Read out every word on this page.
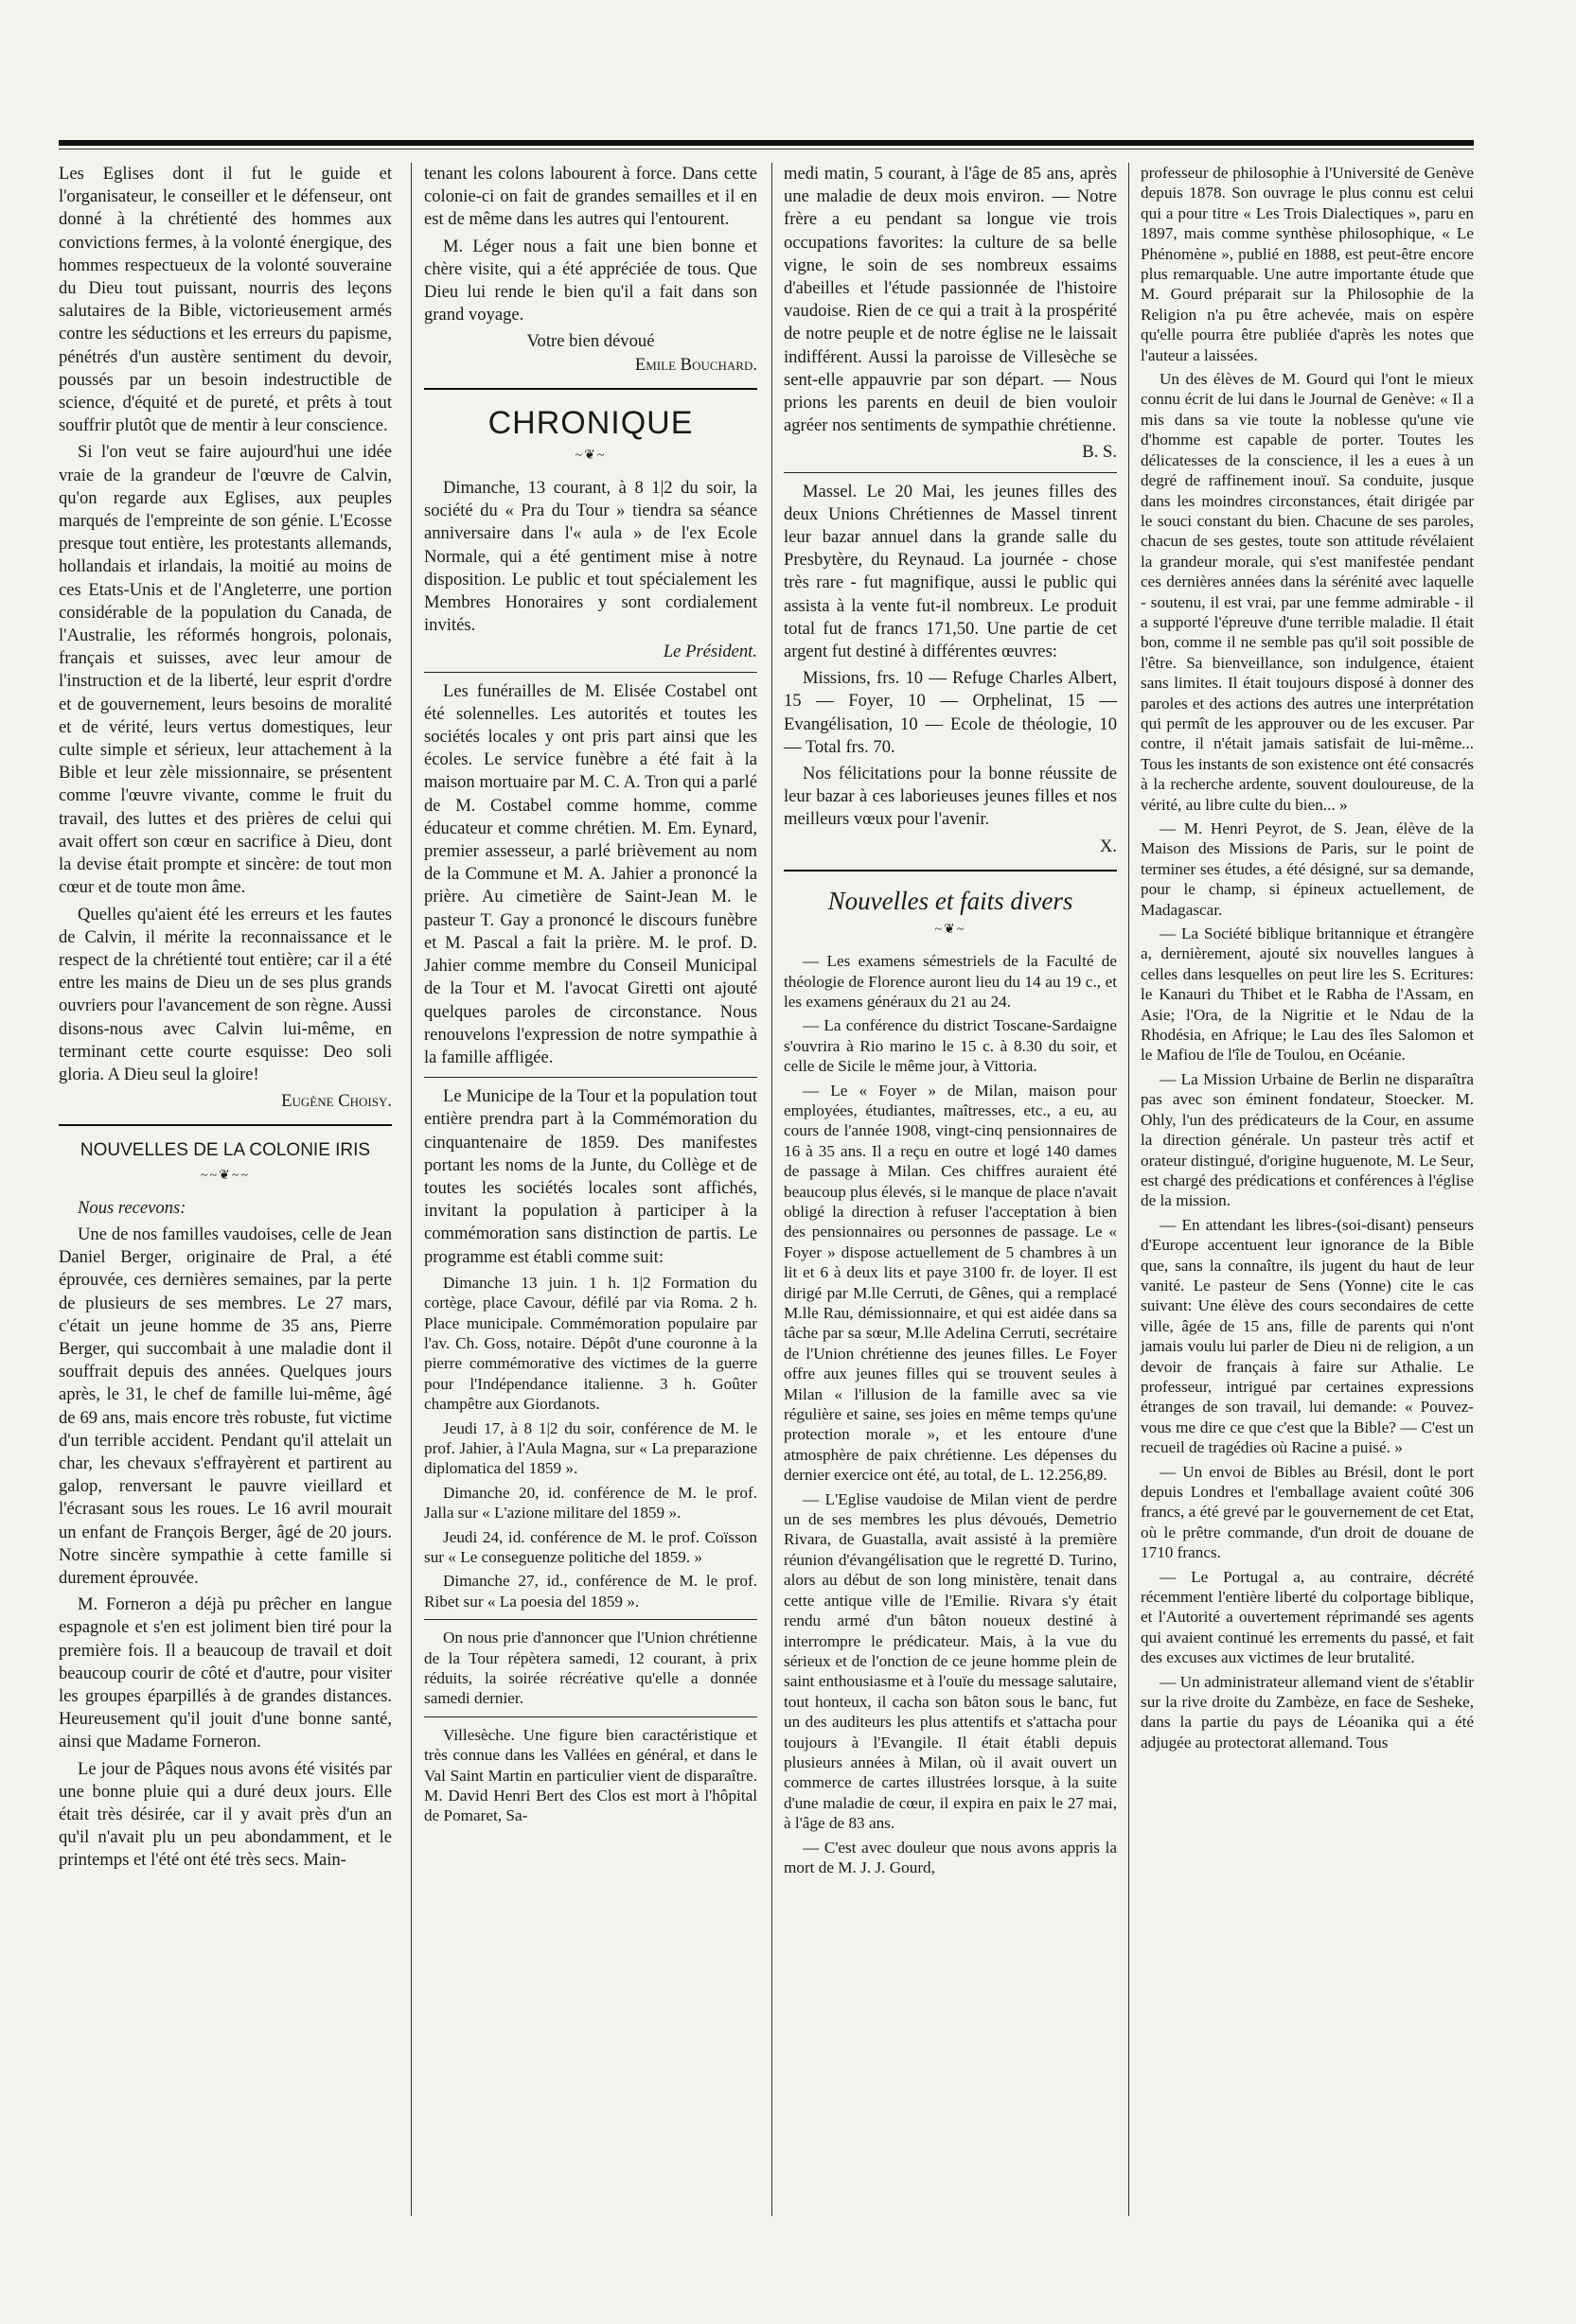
Les Eglises dont il fut le guide et l'organisateur, le conseiller et le défenseur, ont donné à la chrétienté des hommes aux convictions fermes, à la volonté énergique, des hommes respectueux de la volonté souveraine du Dieu tout puissant, nourris des leçons salutaires de la Bible, victorieusement armés contre les séductions et les erreurs du papisme, pénétrés d'un austère sentiment du devoir, poussés par un besoin indestructible de science, d'équité et de pureté, et prêts à tout souffrir plutôt que de mentir à leur conscience.

Si l'on veut se faire aujourd'hui une idée vraie de la grandeur de l'œuvre de Calvin, qu'on regarde aux Eglises, aux peuples marqués de l'empreinte de son génie. L'Ecosse presque tout entière, les protestants allemands, hollandais et irlandais, la moitié au moins de ces Etats-Unis et de l'Angleterre, une portion considérable de la population du Canada, de l'Australie, les réformés hongrois, polonais, français et suisses, avec leur amour de l'instruction et de la liberté, leur esprit d'ordre et de gouvernement, leurs besoins de moralité et de vérité, leurs vertus domestiques, leur culte simple et sérieux, leur attachement à la Bible et leur zèle missionnaire, se présentent comme l'œuvre vivante, comme le fruit du travail, des luttes et des prières de celui qui avait offert son cœur en sacrifice à Dieu, dont la devise était prompte et sincère: de tout mon cœur et de toute mon âme.

Quelles qu'aient été les erreurs et les fautes de Calvin, il mérite la reconnaissance et le respect de la chrétienté tout entière; car il a été entre les mains de Dieu un de ses plus grands ouvriers pour l'avancement de son règne. Aussi disons-nous avec Calvin lui-même, en terminant cette courte esquisse: Deo soli gloria. A Dieu seul la gloire!

Eugène Choisy.
NOUVELLES DE LA COLONIE IRIS
~~❦~~

Nous recevons:

Une de nos familles vaudoises, celle de Jean Daniel Berger, originaire de Pral, a été éprouvée, ces dernières semaines, par la perte de plusieurs de ses membres. Le 27 mars, c'était un jeune homme de 35 ans, Pierre Berger, qui succombait à une maladie dont il souffrait depuis des années. Quelques jours après, le 31, le chef de famille lui-même, âgé de 69 ans, mais encore très robuste, fut victime d'un terrible accident. Pendant qu'il attelait un char, les chevaux s'effrayèrent et partirent au galop, renversant le pauvre vieillard et l'écrasant sous les roues. Le 16 avril mourait un enfant de François Berger, âgé de 20 jours. Notre sincère sympathie à cette famille si durement éprouvée.

M. Forneron a déjà pu prêcher en langue espagnole et s'en est joliment bien tiré pour la première fois. Il a beaucoup de travail et doit beaucoup courir de côté et d'autre, pour visiter les groupes éparpillés à de grandes distances. Heureusement qu'il jouit d'une bonne santé, ainsi que Madame Forneron.

Le jour de Pâques nous avons été visités par une bonne pluie qui a duré deux jours. Elle était très désirée, car il y avait près d'un an qu'il n'avait plu un peu abondamment, et le printemps et l'été ont été très secs. Main-

tenant les colons labourent à force. Dans cette colonie-ci on fait de grandes semailles et il en est de même dans les autres qui l'entourent.

M. Léger nous a fait une bien bonne et chère visite, qui a été appréciée de tous. Que Dieu lui rende le bien qu'il a fait dans son grand voyage.

Votre bien dévoué
Emile Bouchard.
CHRONIQUE
~❦~

Dimanche, 13 courant, à 8 1|2 du soir, la société du « Pra du Tour » tiendra sa séance anniversaire dans l'« aula » de l'ex Ecole Normale, qui a été gentiment mise à notre disposition. Le public et tout spécialement les Membres Honoraires y sont cordialement invités.

Le Président.

Les funérailles de M. Elisée Costabel ont été solennelles. Les autorités et toutes les sociétés locales y ont pris part ainsi que les écoles. Le service funèbre a été fait à la maison mortuaire par M. C. A. Tron qui a parlé de M. Costabel comme homme, comme éducateur et comme chrétien. M. Em. Eynard, premier assesseur, a parlé brièvement au nom de la Commune et M. A. Jahier a prononcé la prière. Au cimetière de Saint-Jean M. le pasteur T. Gay a prononcé le discours funèbre et M. Pascal a fait la prière. M. le prof. D. Jahier comme membre du Conseil Municipal de la Tour et M. l'avocat Giretti ont ajouté quelques paroles de circonstance. Nous renouvelons l'expression de notre sympathie à la famille affligée.

Le Municipe de la Tour et la population tout entière prendra part à la Commémoration du cinquantenaire de 1859. Des manifestes portant les noms de la Junte, du Collège et de toutes les sociétés locales sont affichés, invitant la population à participer à la commémoration sans distinction de partis. Le programme est établi comme suit:

Dimanche 13 juin. 1 h. 1|2 Formation du cortège, place Cavour, défilé par via Roma. 2 h. Place municipale. Commémoration populaire par l'av. Ch. Goss, notaire. Dépôt d'une couronne à la pierre commémorative des victimes de la guerre pour l'Indépendance italienne. 3 h. Goûter champêtre aux Giordanots.

Jeudi 17, à 8 1|2 du soir, conférence de M. le prof. Jahier, à l'Aula Magna, sur « La preparazione diplomatica del 1859 ».

Dimanche 20, id. conférence de M. le prof. Jalla sur « L'azione militare del 1859 ».

Jeudi 24, id. conférence de M. le prof. Coïsson sur « Le conseguenze politiche del 1859. »

Dimanche 27, id., conférence de M. le prof. Ribet sur « La poesia del 1859 ».

On nous prie d'annoncer que l'Union chrétienne de la Tour répètera samedi, 12 courant, à prix réduits, la soirée récréative qu'elle a donnée samedi dernier.

Villesèche. Une figure bien caractéristique et très connue dans les Vallées en général, et dans le Val Saint Martin en particulier vient de disparaître. M. David Henri Bert des Clos est mort à l'hôpital de Pomaret, Sa-

medi matin, 5 courant, à l'âge de 85 ans, après une maladie de deux mois environ. — Notre frère a eu pendant sa longue vie trois occupations favorites: la culture de sa belle vigne, le soin de ses nombreux essaims d'abeilles et l'étude passionnée de l'histoire vaudoise. Rien de ce qui a trait à la prospérité de notre peuple et de notre église ne le laissait indifférent. Aussi la paroisse de Villesèche se sent-elle appauvrie par son départ. — Nous prions les parents en deuil de bien vouloir agréer nos sentiments de sympathie chrétienne.

B. S.

Massel. Le 20 Mai, les jeunes filles des deux Unions Chrétiennes de Massel tinrent leur bazar annuel dans la grande salle du Presbytère, du Reynaud. La journée - chose très rare - fut magnifique, aussi le public qui assista à la vente fut-il nombreux. Le produit total fut de francs 171,50. Une partie de cet argent fut destiné à différentes œuvres:

Missions, frs. 10 — Refuge Charles Albert, 15 — Foyer, 10 — Orphelinat, 15 — Evangélisation, 10 — Ecole de théologie, 10 — Total frs. 70.

Nos félicitations pour la bonne réussite de leur bazar à ces laborieuses jeunes filles et nos meilleurs vœux pour l'avenir.

X.
Nouvelles et faits divers
~❦~

— Les examens sémestriels de la Faculté de théologie de Florence auront lieu du 14 au 19 c., et les examens généraux du 21 au 24.

— La conférence du district Toscane-Sardaigne s'ouvrira à Rio marino le 15 c. à 8.30 du soir, et celle de Sicile le même jour, à Vittoria.

— Le « Foyer » de Milan, maison pour employées, étudiantes, maîtresses, etc., a eu, au cours de l'année 1908, vingt-cinq pensionnaires de 16 à 35 ans. Il a reçu en outre et logé 140 dames de passage à Milan. Ces chiffres auraient été beaucoup plus élevés, si le manque de place n'avait obligé la direction à refuser l'acceptation à bien des pensionnaires ou personnes de passage. Le « Foyer » dispose actuellement de 5 chambres à un lit et 6 à deux lits et paye 3100 fr. de loyer. Il est dirigé par M.lle Cerruti, de Gênes, qui a remplacé M.lle Rau, démissionnaire, et qui est aidée dans sa tâche par sa sœur, M.lle Adelina Cerruti, secrétaire de l'Union chrétienne des jeunes filles. Le Foyer offre aux jeunes filles qui se trouvent seules à Milan « l'illusion de la famille avec sa vie régulière et saine, ses joies en même temps qu'une protection morale », et les entoure d'une atmosphère de paix chrétienne. Les dépenses du dernier exercice ont été, au total, de L. 12.256,89.

— L'Eglise vaudoise de Milan vient de perdre un de ses membres les plus dévoués, Demetrio Rivara, de Guastalla, avait assisté à la première réunion d'évangélisation que le regretté D. Turino, alors au début de son long ministère, tenait dans cette antique ville de l'Emilie. Rivara s'y était rendu armé d'un bâton noueux destiné à interrompre le prédicateur. Mais, à la vue du sérieux et de l'onction de ce jeune homme plein de saint enthousiasme et à l'ouïe du message salutaire, tout honteux, il cacha son bâton sous le banc, fut un des auditeurs les plus attentifs et s'attacha pour toujours à l'Evangile. Il était établi depuis plusieurs années à Milan, où il avait ouvert un commerce de cartes illustrées lorsque, à la suite d'une maladie de cœur, il expira en paix le 27 mai, à l'âge de 83 ans.

— C'est avec douleur que nous avons appris la mort de M. J. J. Gourd,

professeur de philosophie à l'Université de Genève depuis 1878. Son ouvrage le plus connu est celui qui a pour titre « Les Trois Dialectiques », paru en 1897, mais comme synthèse philosophique, « Le Phénomène », publié en 1888, est peut-être encore plus remarquable. Une autre importante étude que M. Gourd préparait sur la Philosophie de la Religion n'a pu être achevée, mais on espère qu'elle pourra être publiée d'après les notes que l'auteur a laissées.

Un des élèves de M. Gourd qui l'ont le mieux connu écrit de lui dans le Journal de Genève: « Il a mis dans sa vie toute la noblesse qu'une vie d'homme est capable de porter. Toutes les délicatesses de la conscience, il les a eues à un degré de raffinement inouï. Sa conduite, jusque dans les moindres circonstances, était dirigée par le souci constant du bien. Chacune de ses paroles, chacun de ses gestes, toute son attitude révélaient la grandeur morale, qui s'est manifestée pendant ces dernières années dans la sérénité avec laquelle - soutenu, il est vrai, par une femme admirable - il a supporté l'épreuve d'une terrible maladie. Il était bon, comme il ne semble pas qu'il soit possible de l'être. Sa bienveillance, son indulgence, étaient sans limites. Il était toujours disposé à donner des paroles et des actions des autres une interprétation qui permît de les approuver ou de les excuser. Par contre, il n'était jamais satisfait de lui-même... Tous les instants de son existence ont été consacrés à la recherche ardente, souvent douloureuse, de la vérité, au libre culte du bien... »

— M. Henri Peyrot, de S. Jean, élève de la Maison des Missions de Paris, sur le point de terminer ses études, a été désigné, sur sa demande, pour le champ, si épineux actuellement, de Madagascar.

— La Société biblique britannique et étrangère a, dernièrement, ajouté six nouvelles langues à celles dans lesquelles on peut lire les S. Ecritures: le Kanauri du Thibet et le Rabha de l'Assam, en Asie; l'Ora, de la Nigritie et le Ndau de la Rhodésia, en Afrique; le Lau des îles Salomon et le Mafiou de l'île de Toulou, en Océanie.

— La Mission Urbaine de Berlin ne disparaîtra pas avec son éminent fondateur, Stoecker. M. Ohly, l'un des prédicateurs de la Cour, en assume la direction générale. Un pasteur très actif et orateur distingué, d'origine huguenote, M. Le Seur, est chargé des prédications et conférences à l'église de la mission.

— En attendant les libres-(soi-disant) penseurs d'Europe accentuent leur ignorance de la Bible que, sans la connaître, ils jugent du haut de leur vanité. Le pasteur de Sens (Yonne) cite le cas suivant: Une élève des cours secondaires de cette ville, âgée de 15 ans, fille de parents qui n'ont jamais voulu lui parler de Dieu ni de religion, a un devoir de français à faire sur Athalie. Le professeur, intrigué par certaines expressions étranges de son travail, lui demande: « Pouvez-vous me dire ce que c'est que la Bible? — C'est un recueil de tragédies où Racine a puisé. »

— Un envoi de Bibles au Brésil, dont le port depuis Londres et l'emballage avaient coûté 306 francs, a été grevé par le gouvernement de cet Etat, où le prêtre commande, d'un droit de douane de 1710 francs.

— Le Portugal a, au contraire, décrété récemment l'entière liberté du colportage biblique, et l'Autorité a ouvertement réprimandé ses agents qui avaient continué les errements du passé, et fait des excuses aux victimes de leur brutalité.

— Un administrateur allemand vient de s'établir sur la rive droite du Zambèze, en face de Sesheke, dans la partie du pays de Léoanika qui a été adjugée au protectorat allemand. Tous
